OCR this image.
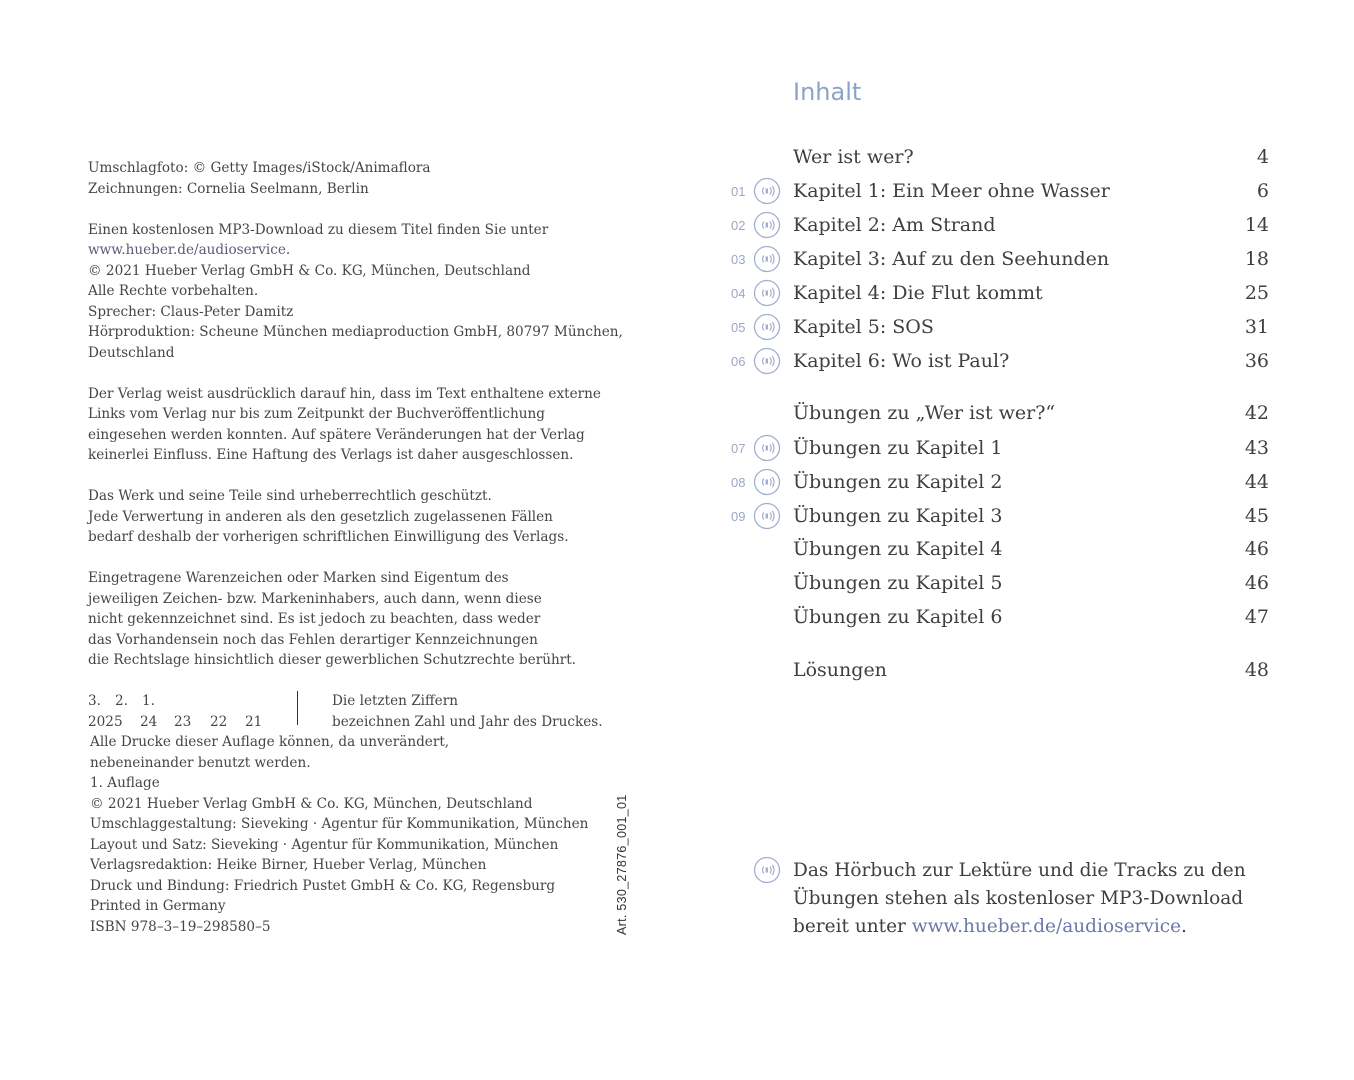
Umschlagfoto: © Getty Images/iStock/Animaflora
Zeichnungen: Cornelia Seelmann, Berlin

Einen kostenlosen MP3-Download zu diesem Titel finden Sie unter
www.hueber.de/audioservice.
© 2021 Hueber Verlag GmbH & Co. KG, München, Deutschland
Alle Rechte vorbehalten.
Sprecher: Claus-Peter Damitz
Hörproduktion: Scheune München mediaproduction GmbH, 80797 München,
Deutschland

Der Verlag weist ausdrücklich darauf hin, dass im Text enthaltene externe
Links vom Verlag nur bis zum Zeitpunkt der Buchveröffentlichung
eingesehen werden konnten. Auf spätere Veränderungen hat der Verlag
keinerlei Einfluss. Eine Haftung des Verlags ist daher ausgeschlossen.

Das Werk und seine Teile sind urheberrechtlich geschützt.
Jede Verwertung in anderen als den gesetzlich zugelassenen Fällen
bedarf deshalb der vorherigen schriftlichen Einwilligung des Verlags.

Eingetragene Warenzeichen oder Marken sind Eigentum des
jeweiligen Zeichen- bzw. Markeninhabers, auch dann, wenn diese
nicht gekennzeichnet sind. Es ist jedoch zu beachten, dass weder
das Vorhandensein noch das Fehlen derartiger Kennzeichnungen
die Rechtslage hinsichtlich dieser gewerblichen Schutzrechte berührt.

3.	2.	1.
2025	24	23	22	21
Die letzten Ziffern
bezeichnen Zahl und Jahr des Druckes.
Alle Drucke dieser Auflage können, da unverändert,
nebeneinander benutzt werden.
1. Auflage
© 2021 Hueber Verlag GmbH & Co. KG, München, Deutschland
Umschlaggestaltung: Sieveking · Agentur für Kommunikation, München
Layout und Satz: Sieveking · Agentur für Kommunikation, München
Verlagsredaktion: Heike Birner, Hueber Verlag, München
Druck und Bindung: Friedrich Pustet GmbH & Co. KG, Regensburg
Printed in Germany
ISBN 978–3–19–298580–5	Art. 530_27876_001_01
Inhalt
Wer ist wer?	4
01	Kapitel 1: Ein Meer ohne Wasser	6
02	Kapitel 2: Am Strand	14
03	Kapitel 3: Auf zu den Seehunden	18
04	Kapitel 4: Die Flut kommt	25
05	Kapitel 5: SOS	31
06	Kapitel 6: Wo ist Paul?	36
Übungen zu „Wer ist wer?“	42
07	Übungen zu Kapitel 1	43
08	Übungen zu Kapitel 2	44
09	Übungen zu Kapitel 3	45
Übungen zu Kapitel 4	46
Übungen zu Kapitel 5	46
Übungen zu Kapitel 6	47
Lösungen	48
Das Hörbuch zur Lektüre und die Tracks zu den
Übungen stehen als kostenloser MP3-Download
bereit unter www.hueber.de/audioservice.
